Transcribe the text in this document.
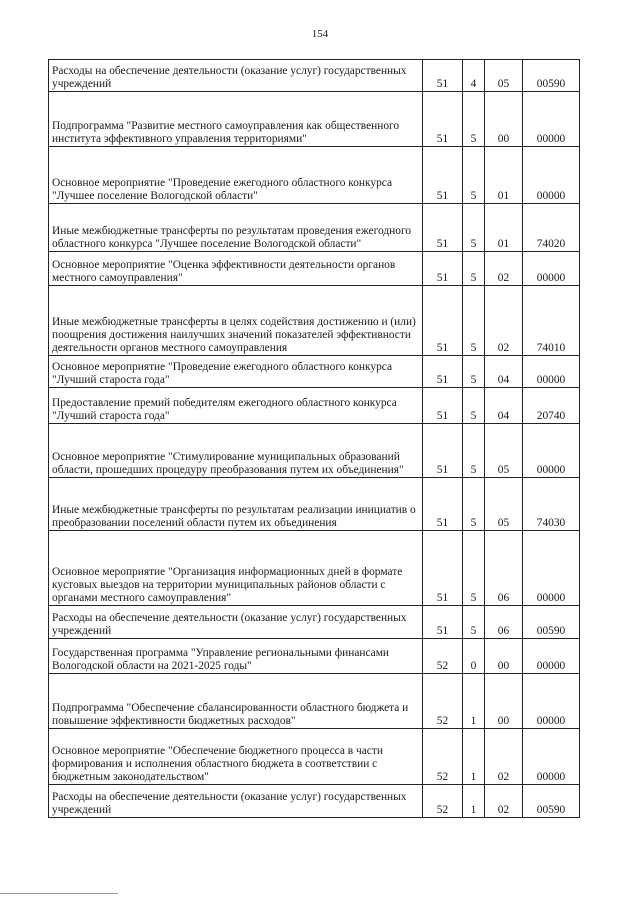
154
Расходы на обеспечение деятельности (оказание услуг) государственных учреждений	51	4	05	00590
Подпрограмма "Развитие местного самоуправления как общественного института эффективного управления территориями"	51	5	00	00000
Основное мероприятие "Проведение ежегодного областного конкурса "Лучшее поселение Вологодской области"	51	5	01	00000
Иные межбюджетные трансферты по результатам проведения ежегодного областного конкурса "Лучшее поселение Вологодской области"	51	5	01	74020
Основное мероприятие "Оценка эффективности деятельности органов местного самоуправления"	51	5	02	00000
Иные межбюджетные трансферты в целях содействия достижению и (или) поощрения достижения наилучших значений показателей эффективности деятельности органов местного самоуправления	51	5	02	74010
Основное мероприятие "Проведение ежегодного областного конкурса "Лучший староста года"	51	5	04	00000
Предоставление премий победителям ежегодного областного конкурса "Лучший староста года"	51	5	04	20740
Основное мероприятие "Стимулирование муниципальных образований области, прошедших процедуру преобразования путем их объединения"	51	5	05	00000
Иные межбюджетные трансферты по результатам реализации инициатив о преобразовании поселений области путем их объединения	51	5	05	74030
Основное мероприятие "Организация информационных дней в формате кустовых выездов на территории муниципальных районов области с органами местного самоуправления"	51	5	06	00000
Расходы на обеспечение деятельности (оказание услуг) государственных учреждений	51	5	06	00590
Государственная программа "Управление региональными финансами Вологодской области на 2021-2025 годы"	52	0	00	00000
Подпрограмма "Обеспечение сбалансированности областного бюджета и повышение эффективности бюджетных расходов"	52	1	00	00000
Основное мероприятие "Обеспечение бюджетного процесса в части формирования и исполнения областного бюджета в соответствии с бюджетным законодательством"	52	1	02	00000
Расходы на обеспечение деятельности (оказание услуг) государственных учреждений	52	1	02	00590
